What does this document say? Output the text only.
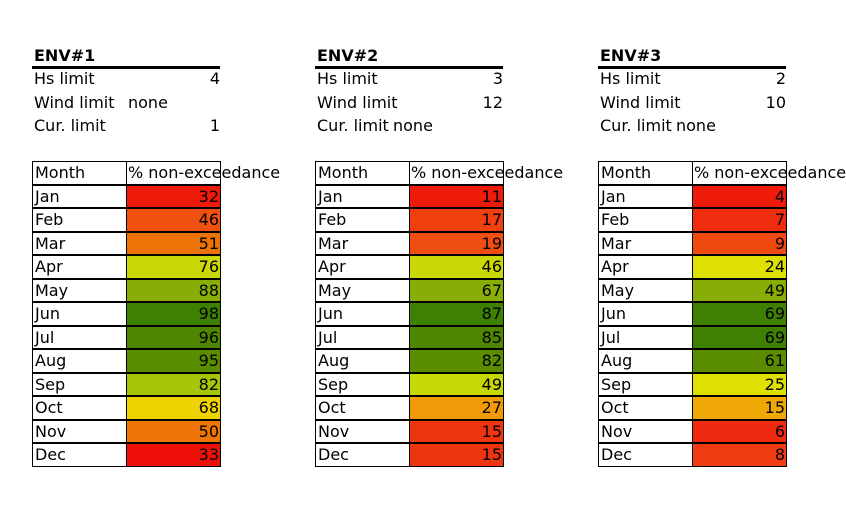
ENV#1
Hs limit	4
Wind limit none
Cur. limit	1
Month	% non-exceedance
Jan	32
Feb	46
Mar	51
Apr	76
May	88
Jun	98
Jul	96
Aug	95
Sep	82
Oct	68
Nov	50
Dec	33
ENV#2
Hs limit	3
Wind limit	12
Cur. limit none
Month	% non-exceedance
Jan	11
Feb	17
Mar	19
Apr	46
May	67
Jun	87
Jul	85
Aug	82
Sep	49
Oct	27
Nov	15
Dec	15
ENV#3
Hs limit	2
Wind limit	10
Cur. limit none
Month	% non-exceedance
Jan	4
Feb	7
Mar	9
Apr	24
May	49
Jun	69
Jul	69
Aug	61
Sep	25
Oct	15
Nov	6
Dec	8
